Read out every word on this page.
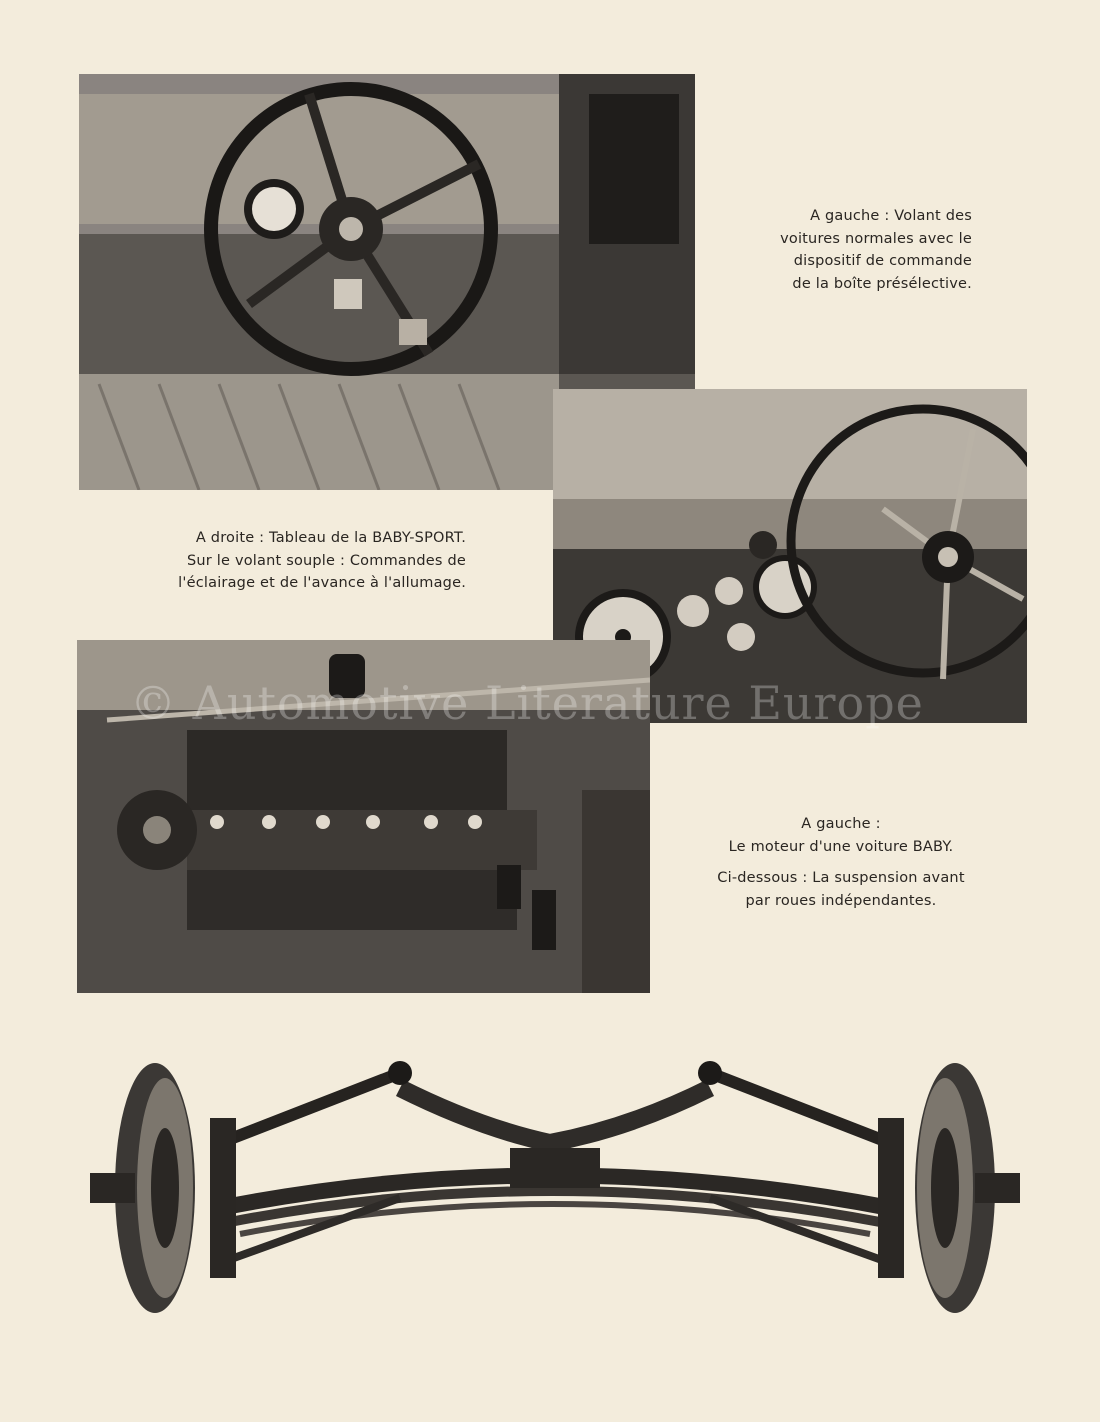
A gauche : Volant des

voitures normales avec le

dispositif de commande

de la boîte présélective.

A droite : Tableau de la BABY-SPORT.

Sur le volant souple : Commandes de

l'éclairage et de l'avance à l'allumage.

A gauche :

Le moteur d'une voiture BABY.

Ci-dessous : La suspension avant

par roues indépendantes.

© Automotive Literature Europe
